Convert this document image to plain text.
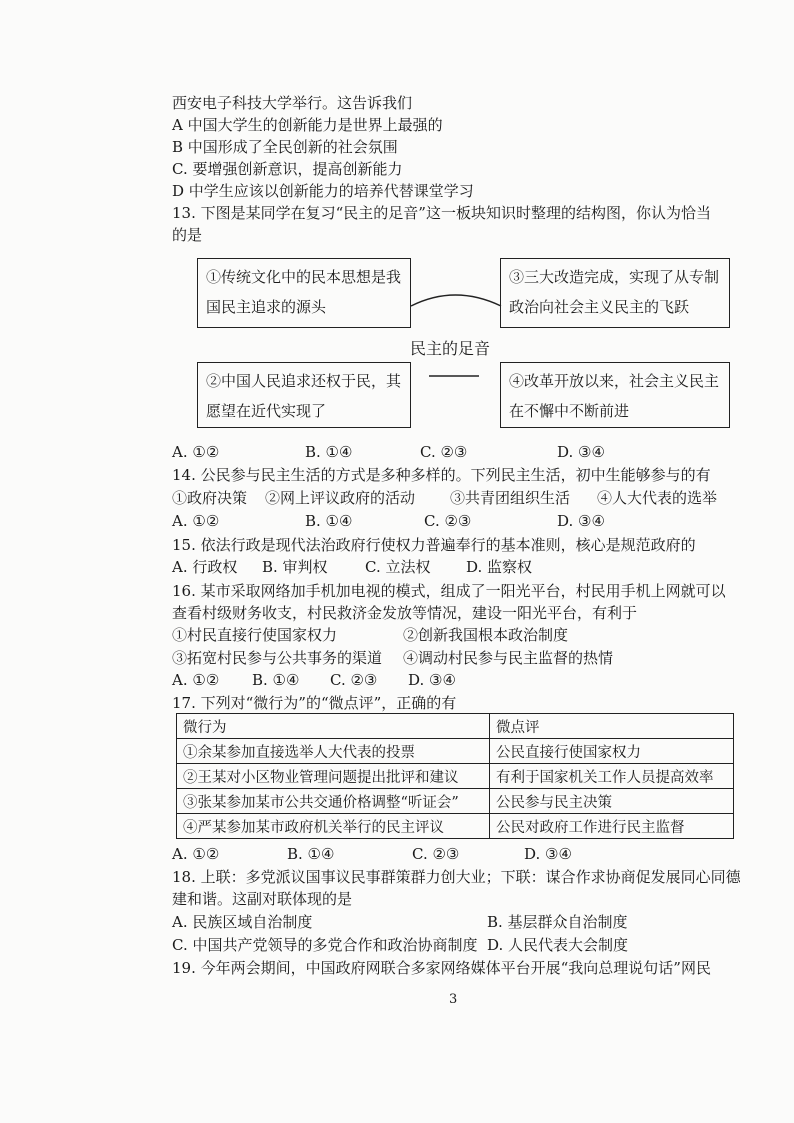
西安电子科技大学举行。这告诉我们
A 中国大学生的创新能力是世界上最强的
B 中国形成了全民创新的社会氛围
C. 要增强创新意识，提高创新能力
D 中学生应该以创新能力的培养代替课堂学习
13. 下图是某同学在复习“民主的足音”这一板块知识时整理的结构图，你认为恰当
的是
①传统文化中的民本思想是我
国民主追求的源头
③三大改造完成，实现了从专制
政治向社会主义民主的飞跃
民主的足音
②中国人民追求还权于民，其
愿望在近代实现了
④改革开放以来，社会主义民主
在不懈中不断前进
A. ①②	B. ①④	C. ②③	D. ③④
14. 公民参与民主生活的方式是多种多样的。下列民主生活，初中生能够参与的有
①政府决策 ②网上评议政府的活动 ③共青团组织生活 ④人大代表的选举
A. ①②	B. ①④	C. ②③	D. ③④
15. 依法行政是现代法治政府行使权力普遍奉行的基本准则，核心是规范政府的
A. 行政权 B. 审判权 C. 立法权 D. 监察权
16. 某市采取网络加手机加电视的模式，组成了一阳光平台，村民用手机上网就可以
查看村级财务收支，村民救济金发放等情况，建设一阳光平台，有利于
①村民直接行使国家权力	②创新我国根本政治制度
③拓宽村民参与公共事务的渠道 ④调动村民参与民主监督的热情
A. ①② B. ①④ C. ②③ D. ③④
17. 下列对“微行为”的“微点评”，正确的有
微行为	微点评
①余某参加直接选举人大代表的投票	公民直接行使国家权力
②王某对小区物业管理问题提出批评和建议	有利于国家机关工作人员提高效率
③张某参加某市公共交通价格调整“听证会”	公民参与民主决策
④严某参加某市政府机关举行的民主评议	公民对政府工作进行民主监督
A. ①②	B. ①④	C. ②③	D. ③④
18. 上联：多党派议国事议民事群策群力创大业；下联：谋合作求协商促发展同心同德
建和谐。这副对联体现的是
A. 民族区域自治制度	B. 基层群众自治制度
C. 中国共产党领导的多党合作和政治协商制度 D. 人民代表大会制度
19. 今年两会期间，中国政府网联合多家网络媒体平台开展“我向总理说句话”网民
3
